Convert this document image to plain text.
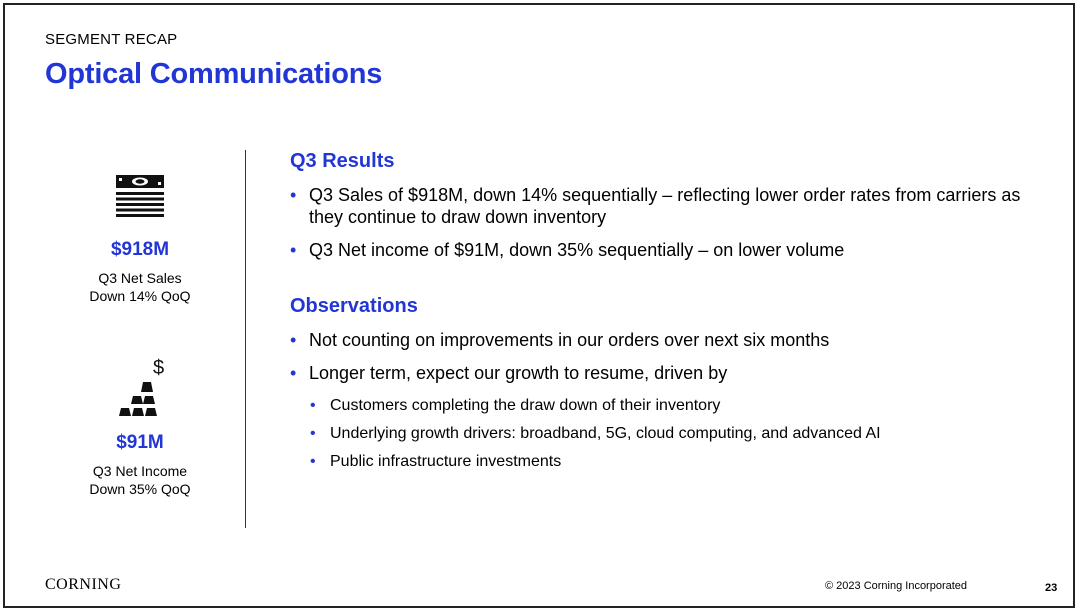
SEGMENT RECAP
Optical Communications
$918M
Q3 Net Sales
Down 14% QoQ
$
$91M
Q3 Net Income
Down 35% QoQ
Q3 Results
• Q3 Sales of $918M, down 14% sequentially – reflecting lower order rates from carriers as they continue to draw down inventory
• Q3 Net income of $91M, down 35% sequentially – on lower volume
Observations
• Not counting on improvements in our orders over next six months
• Longer term, expect our growth to resume, driven by
• Customers completing the draw down of their inventory
• Underlying growth drivers: broadband, 5G, cloud computing, and advanced AI
• Public infrastructure investments
CORNING	© 2023 Corning Incorporated	23
